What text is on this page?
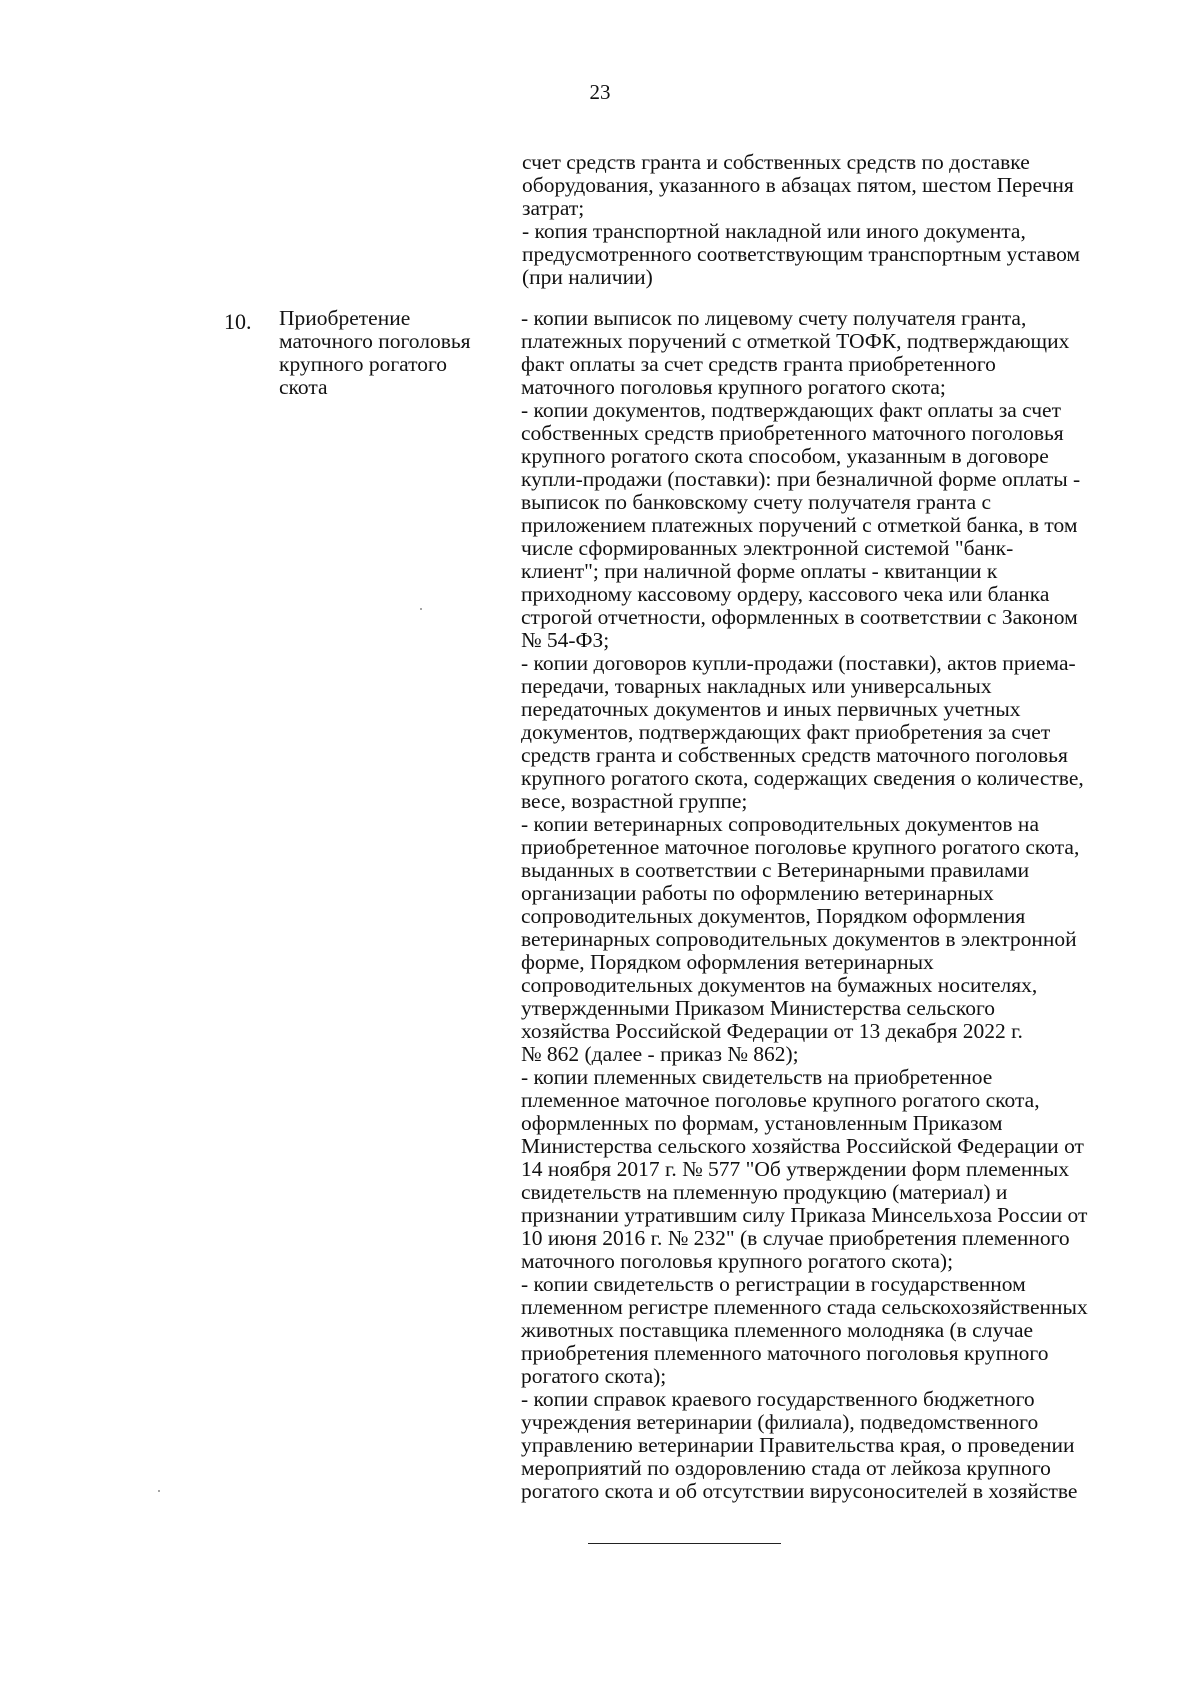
23
счет средств гранта и собственных средств по доставке
оборудования, указанного в абзацах пятом, шестом Перечня
затрат;
- копия транспортной накладной или иного документа,
предусмотренного соответствующим транспортным уставом
(при наличии)
10. Приобретение
маточного поголовья
крупного рогатого
скота
- копии выписок по лицевому счету получателя гранта,
платежных поручений с отметкой ТОФК, подтверждающих
факт оплаты за счет средств гранта приобретенного
маточного поголовья крупного рогатого скота;
- копии документов, подтверждающих факт оплаты за счет
собственных средств приобретенного маточного поголовья
крупного рогатого скота способом, указанным в договоре
купли-продажи (поставки): при безналичной форме оплаты -
выписок по банковскому счету получателя гранта с
приложением платежных поручений с отметкой банка, в том
числе сформированных электронной системой "банк-
клиент"; при наличной форме оплаты - квитанции к
приходному кассовому ордеру, кассового чека или бланка
строгой отчетности, оформленных в соответствии с Законом
№ 54-ФЗ;
- копии договоров купли-продажи (поставки), актов приема-
передачи, товарных накладных или универсальных
передаточных документов и иных первичных учетных
документов, подтверждающих факт приобретения за счет
средств гранта и собственных средств маточного поголовья
крупного рогатого скота, содержащих сведения о количестве,
весе, возрастной группе;
- копии ветеринарных сопроводительных документов на
приобретенное маточное поголовье крупного рогатого скота,
выданных в соответствии с Ветеринарными правилами
организации работы по оформлению ветеринарных
сопроводительных документов, Порядком оформления
ветеринарных сопроводительных документов в электронной
форме, Порядком оформления ветеринарных
сопроводительных документов на бумажных носителях,
утвержденными Приказом Министерства сельского
хозяйства Российской Федерации от 13 декабря 2022 г.
№ 862 (далее - приказ № 862);
- копии племенных свидетельств на приобретенное
племенное маточное поголовье крупного рогатого скота,
оформленных по формам, установленным Приказом
Министерства сельского хозяйства Российской Федерации от
14 ноября 2017 г. № 577 "Об утверждении форм племенных
свидетельств на племенную продукцию (материал) и
признании утратившим силу Приказа Минсельхоза России от
10 июня 2016 г. № 232" (в случае приобретения племенного
маточного поголовья крупного рогатого скота);
- копии свидетельств о регистрации в государственном
племенном регистре племенного стада сельскохозяйственных
животных поставщика племенного молодняка (в случае
приобретения племенного маточного поголовья крупного
рогатого скота);
- копии справок краевого государственного бюджетного
учреждения ветеринарии (филиала), подведомственного
управлению ветеринарии Правительства края, о проведении
мероприятий по оздоровлению стада от лейкоза крупного
рогатого скота и об отсутствии вирусоносителей в хозяйстве
